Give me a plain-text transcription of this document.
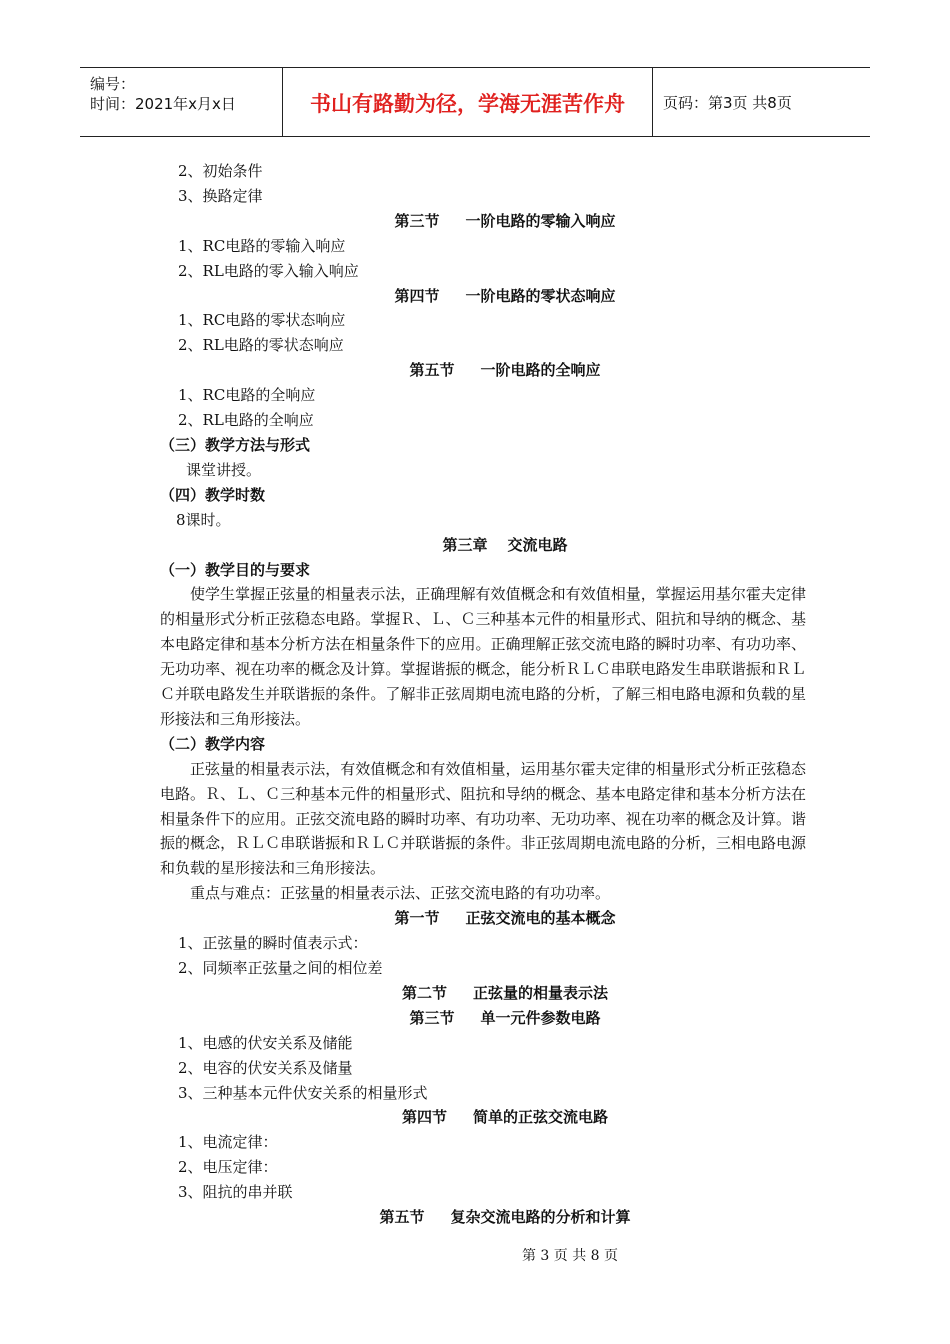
编号：
时间：2021年x月x日	书山有路勤为径，学海无涯苦作舟	页码：第3页 共8页
2、初始条件
3、换路定律
第三节 一阶电路的零输入响应
1、RC电路的零输入响应
2、RL电路的零入输入响应
第四节 一阶电路的零状态响应
1、RC电路的零状态响应
2、RL电路的零状态响应
第五节 一阶电路的全响应
1、RC电路的全响应
2、RL电路的全响应
（三）教学方法与形式
课堂讲授。
（四）教学时数
8课时。
第三章 交流电路
（一）教学目的与要求
使学生掌握正弦量的相量表示法，正确理解有效值概念和有效值相量，掌握运用基尔霍夫定律的相量形式分析正弦稳态电路。掌握Ｒ、Ｌ、Ｃ三种基本元件的相量形式、阻抗和导纳的概念、基本电路定律和基本分析方法在相量条件下的应用。正确理解正弦交流电路的瞬时功率、有功功率、无功功率、视在功率的概念及计算。掌握谐振的概念，能分析ＲＬＣ串联电路发生串联谐振和ＲＬＣ并联电路发生并联谐振的条件。了解非正弦周期电流电路的分析，了解三相电路电源和负载的星形接法和三角形接法。
（二）教学内容
正弦量的相量表示法，有效值概念和有效值相量，运用基尔霍夫定律的相量形式分析正弦稳态电路。Ｒ、Ｌ、Ｃ三种基本元件的相量形式、阻抗和导纳的概念、基本电路定律和基本分析方法在相量条件下的应用。正弦交流电路的瞬时功率、有功功率、无功功率、视在功率的概念及计算。谐振的概念，ＲＬＣ串联谐振和ＲＬＣ并联谐振的条件。非正弦周期电流电路的分析，三相电路电源和负载的星形接法和三角形接法。
重点与难点：正弦量的相量表示法、正弦交流电路的有功功率。
第一节 正弦交流电的基本概念
1、正弦量的瞬时值表示式：
2、同频率正弦量之间的相位差
第二节 正弦量的相量表示法
第三节 单一元件参数电路
1、电感的伏安关系及储能
2、电容的伏安关系及储量
3、三种基本元件伏安关系的相量形式
第四节 简单的正弦交流电路
1、电流定律：
2、电压定律：
3、阻抗的串并联
第五节 复杂交流电路的分析和计算
第 3 页 共 8 页
